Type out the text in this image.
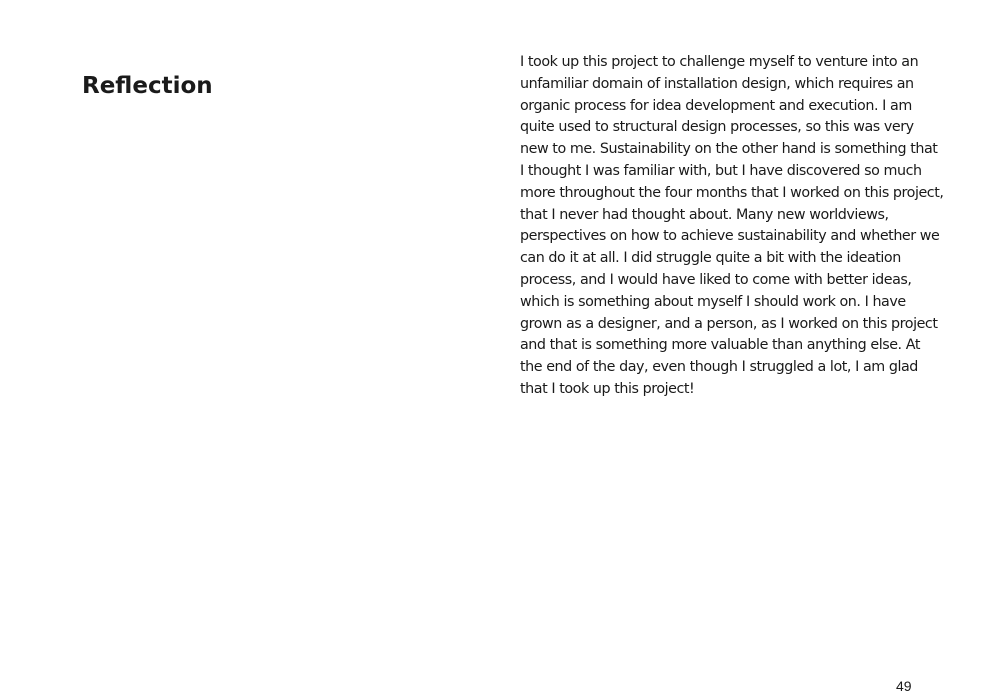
Reflection

I took up this project to challenge myself to venture into an unfamiliar domain of installation design, which requires an organic process for idea development and execution. I am quite used to structural design processes, so this was very new to me. Sustainability on the other hand is something that I thought I was familiar with, but I have discovered so much more throughout the four months that I worked on this project, that I never had thought about. Many new worldviews, perspectives on how to achieve sustainability and whether we can do it at all. I did struggle quite a bit with the ideation process, and I would have liked to come with better ideas, which is something about myself I should work on. I have grown as a designer, and a person, as I worked on this project and that is something more valuable than anything else. At the end of the day, even though I struggled a lot, I am glad that I took up this project!

49
